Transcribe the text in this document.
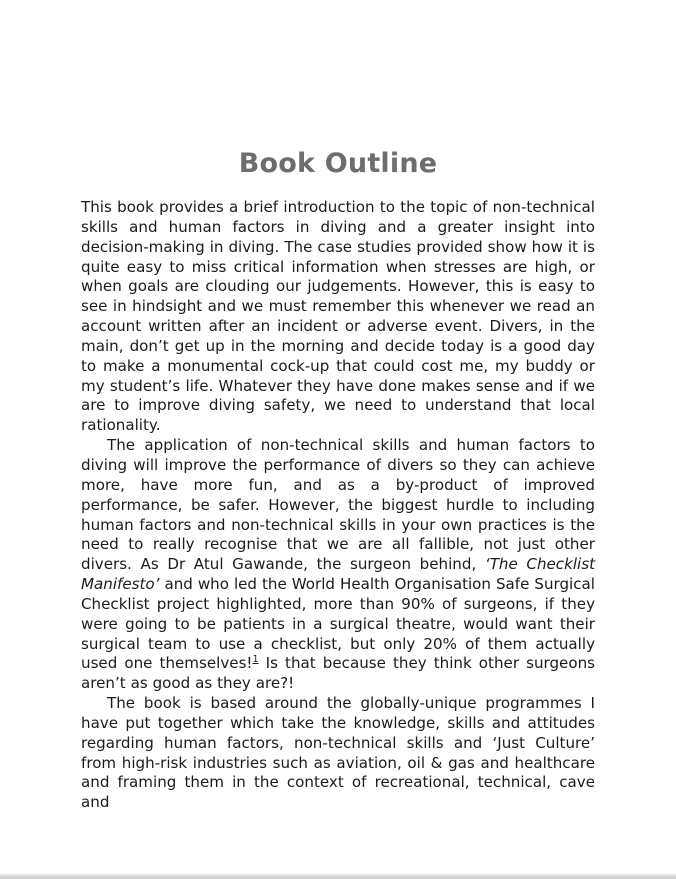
Book Outline

This book provides a brief introduction to the topic of non-technical skills and human factors in diving and a greater insight into decision-making in diving. The case studies provided show how it is quite easy to miss critical information when stresses are high, or when goals are clouding our judgements. However, this is easy to see in hindsight and we must remember this whenever we read an account written after an incident or adverse event. Divers, in the main, don’t get up in the morning and decide today is a good day to make a monumental cock-up that could cost me, my buddy or my student’s life. Whatever they have done makes sense and if we are to improve diving safety, we need to understand that local rationality.

The application of non-technical skills and human factors to diving will improve the performance of divers so they can achieve more, have more fun, and as a by-product of improved performance, be safer. However, the biggest hurdle to including human factors and non-technical skills in your own practices is the need to really recognise that we are all fallible, not just other divers. As Dr Atul Gawande, the surgeon behind, ‘The Checklist Manifesto’ and who led the World Health Organisation Safe Surgical Checklist project highlighted, more than 90% of surgeons, if they were going to be patients in a surgical theatre, would want their surgical team to use a checklist, but only 20% of them actually used one themselves!$^1$ Is that because they think other surgeons aren’t as good as they are?!

The book is based around the globally-unique programmes I have put together which take the knowledge, skills and attitudes regarding human factors, non-technical skills and ‘Just Culture’ from high-risk industries such as aviation, oil & gas and healthcare and framing them in the context of recreational, technical, cave and
